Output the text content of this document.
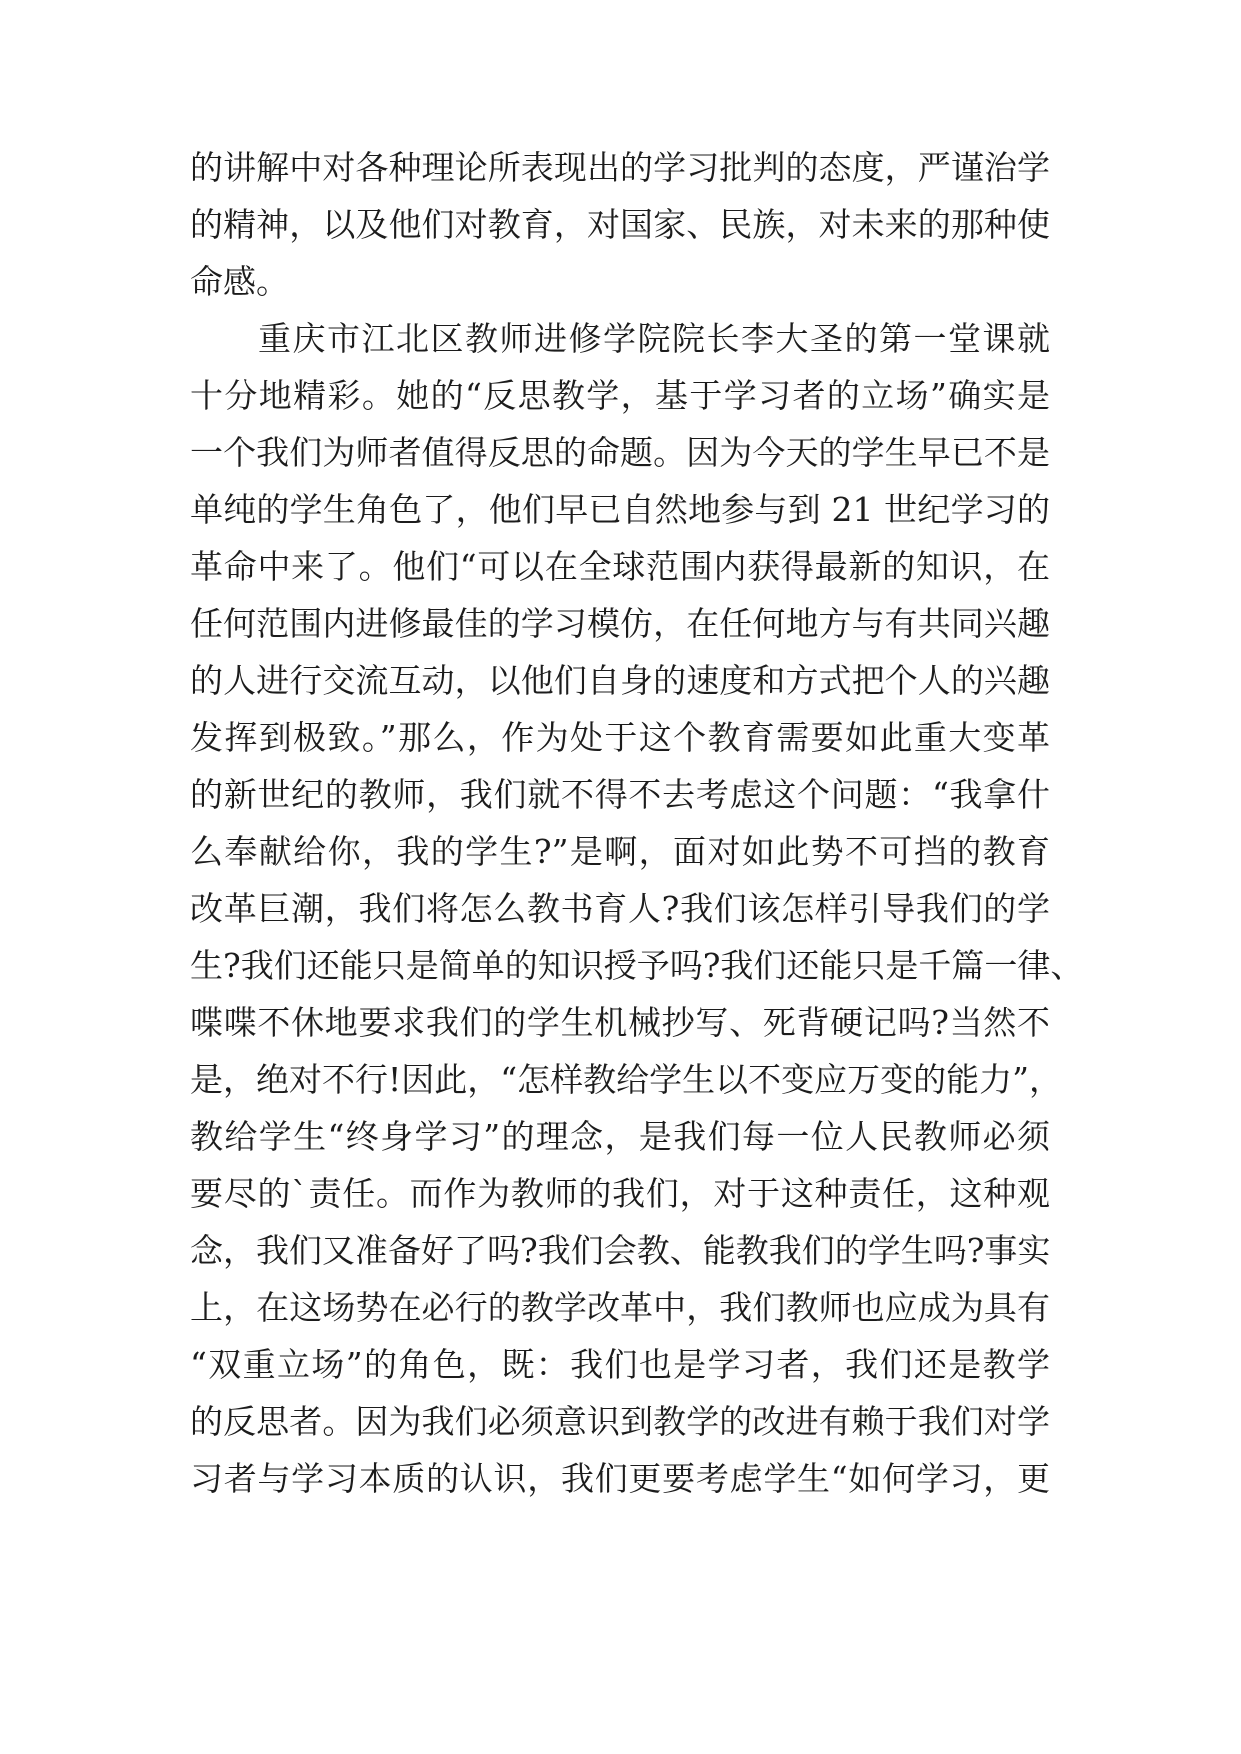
的讲解中对各种理论所表现出的学习批判的态度，严谨治学
的精神，以及他们对教育，对国家、民族，对未来的那种使
命感。
重庆市江北区教师进修学院院长李大圣的第一堂课就
十分地精彩。她的“反思教学，基于学习者的立场”确实是
一个我们为师者值得反思的命题。因为今天的学生早已不是
单纯的学生角色了，他们早已自然地参与到 21 世纪学习的
革命中来了。他们“可以在全球范围内获得最新的知识，在
任何范围内进修最佳的学习模仿，在任何地方与有共同兴趣
的人进行交流互动，以他们自身的速度和方式把个人的兴趣
发挥到极致。”那么，作为处于这个教育需要如此重大变革
的新世纪的教师，我们就不得不去考虑这个问题：“我拿什
么奉献给你，我的学生?”是啊，面对如此势不可挡的教育
改革巨潮，我们将怎么教书育人?我们该怎样引导我们的学
生?我们还能只是简单的知识授予吗?我们还能只是千篇一律、
喋喋不休地要求我们的学生机械抄写、死背硬记吗?当然不
是，绝对不行!因此，“怎样教给学生以不变应万变的能力”，
教给学生“终身学习”的理念，是我们每一位人民教师必须
要尽的`责任。而作为教师的我们，对于这种责任，这种观
念，我们又准备好了吗?我们会教、能教我们的学生吗?事实
上，在这场势在必行的教学改革中，我们教师也应成为具有
“双重立场”的角色，既：我们也是学习者，我们还是教学
的反思者。因为我们必须意识到教学的改进有赖于我们对学
习者与学习本质的认识，我们更要考虑学生“如何学习，更
